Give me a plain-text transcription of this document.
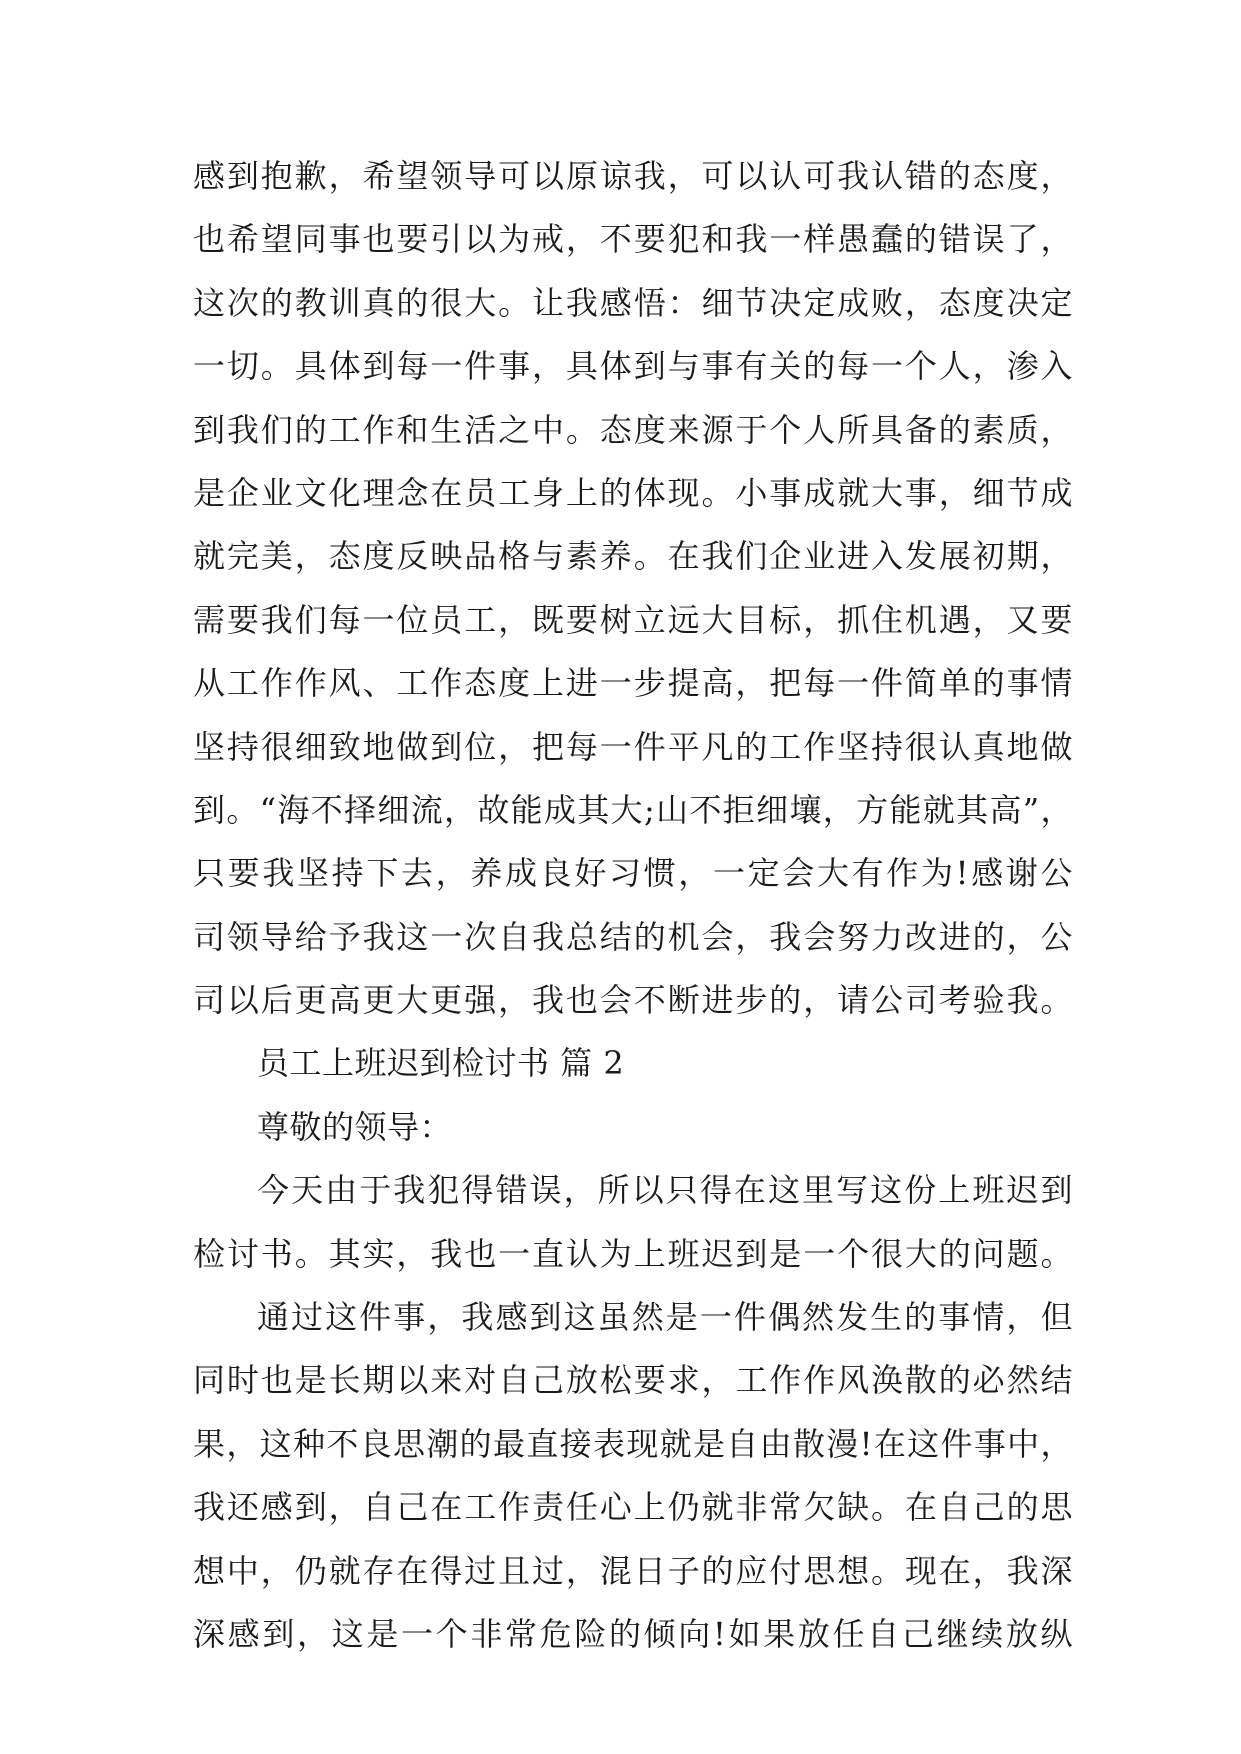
感到抱歉，希望领导可以原谅我，可以认可我认错的态度，
也希望同事也要引以为戒，不要犯和我一样愚蠢的错误了，
这次的教训真的很大。让我感悟：细节决定成败，态度决定
一切。具体到每一件事，具体到与事有关的每一个人，渗入
到我们的工作和生活之中。态度来源于个人所具备的素质，
是企业文化理念在员工身上的体现。小事成就大事，细节成
就完美，态度反映品格与素养。在我们企业进入发展初期，
需要我们每一位员工，既要树立远大目标，抓住机遇，又要
从工作作风、工作态度上进一步提高，把每一件简单的事情
坚持很细致地做到位，把每一件平凡的工作坚持很认真地做
到。“海不择细流，故能成其大;山不拒细壤，方能就其高”，
只要我坚持下去，养成良好习惯，一定会大有作为!感谢公
司领导给予我这一次自我总结的机会，我会努力改进的，公
司以后更高更大更强，我也会不断进步的，请公司考验我。
员工上班迟到检讨书 篇 2
尊敬的领导：
今天由于我犯得错误，所以只得在这里写这份上班迟到
检讨书。其实，我也一直认为上班迟到是一个很大的问题。
通过这件事，我感到这虽然是一件偶然发生的事情，但
同时也是长期以来对自己放松要求，工作作风涣散的必然结
果，这种不良思潮的最直接表现就是自由散漫!在这件事中，
我还感到，自己在工作责任心上仍就非常欠缺。在自己的思
想中，仍就存在得过且过，混日子的应付思想。现在，我深
深感到，这是一个非常危险的倾向!如果放任自己继续放纵
